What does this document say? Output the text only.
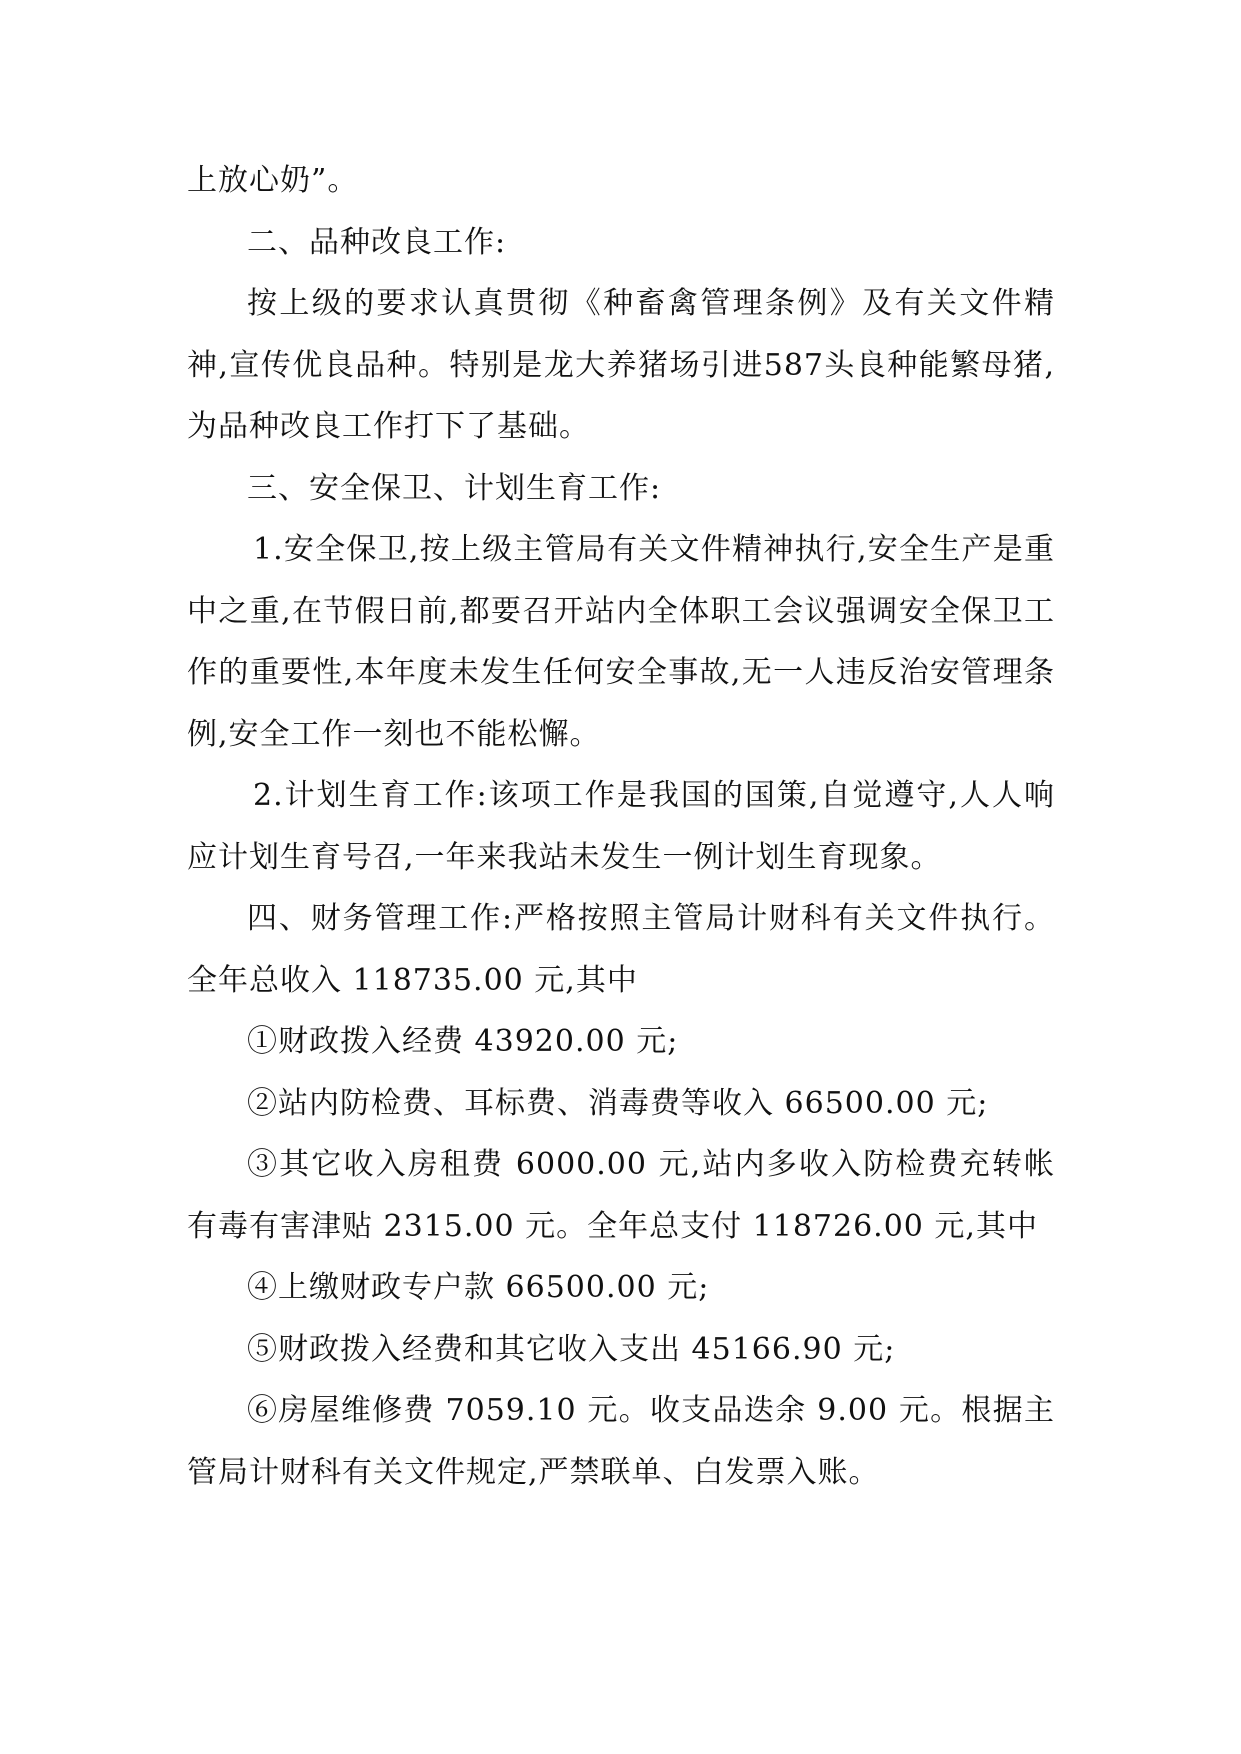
上放心奶”。

二、品种改良工作:

按上级的要求认真贯彻《种畜禽管理条例》及有关文件精神,宣传优良品种。特别是龙大养猪场引进587头良种能繁母猪,为品种改良工作打下了基础。

三、安全保卫、计划生育工作:

1.安全保卫,按上级主管局有关文件精神执行,安全生产是重中之重,在节假日前,都要召开站内全体职工会议强调安全保卫工作的重要性,本年度未发生任何安全事故,无一人违反治安管理条例,安全工作一刻也不能松懈。

2.计划生育工作:该项工作是我国的国策,自觉遵守,人人响应计划生育号召,一年来我站未发生一例计划生育现象。

四、财务管理工作:严格按照主管局计财科有关文件执行。全年总收入 118735.00 元,其中

①财政拨入经费 43920.00 元;

②站内防检费、耳标费、消毒费等收入 66500.00 元;

③其它收入房租费 6000.00 元,站内多收入防检费充转帐有毒有害津贴 2315.00 元。全年总支付 118726.00 元,其中

④上缴财政专户款 66500.00 元;

⑤财政拨入经费和其它收入支出 45166.90 元;

⑥房屋维修费 7059.10 元。收支品迭余 9.00 元。根据主管局计财科有关文件规定,严禁联单、白发票入账。
